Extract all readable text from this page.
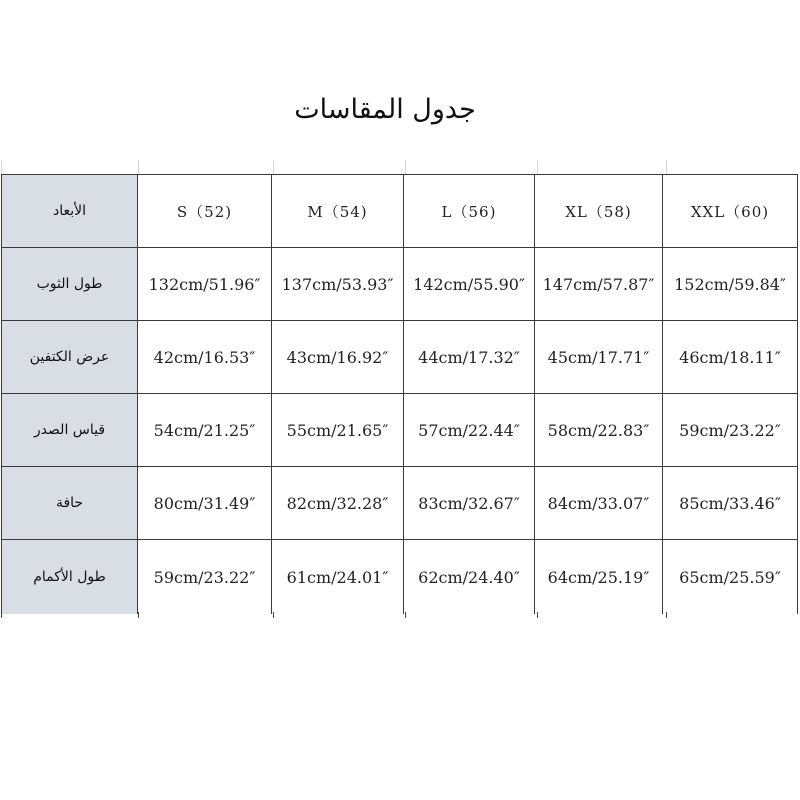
جدول المقاسات
الأبعاد	S（52)	M（54)	L（56)	XL（58)	XXL（60)
طول الثوب	132cm/51.96″	137cm/53.93″	142cm/55.90″	147cm/57.87″	152cm/59.84″
عرض الكتفين	42cm/16.53″	43cm/16.92″	44cm/17.32″	45cm/17.71″	46cm/18.11″
قياس الصدر	54cm/21.25″	55cm/21.65″	57cm/22.44″	58cm/22.83″	59cm/23.22″
حافة	80cm/31.49″	82cm/32.28″	83cm/32.67″	84cm/33.07″	85cm/33.46″
طول الأكمام	59cm/23.22″	61cm/24.01″	62cm/24.40″	64cm/25.19″	65cm/25.59″
